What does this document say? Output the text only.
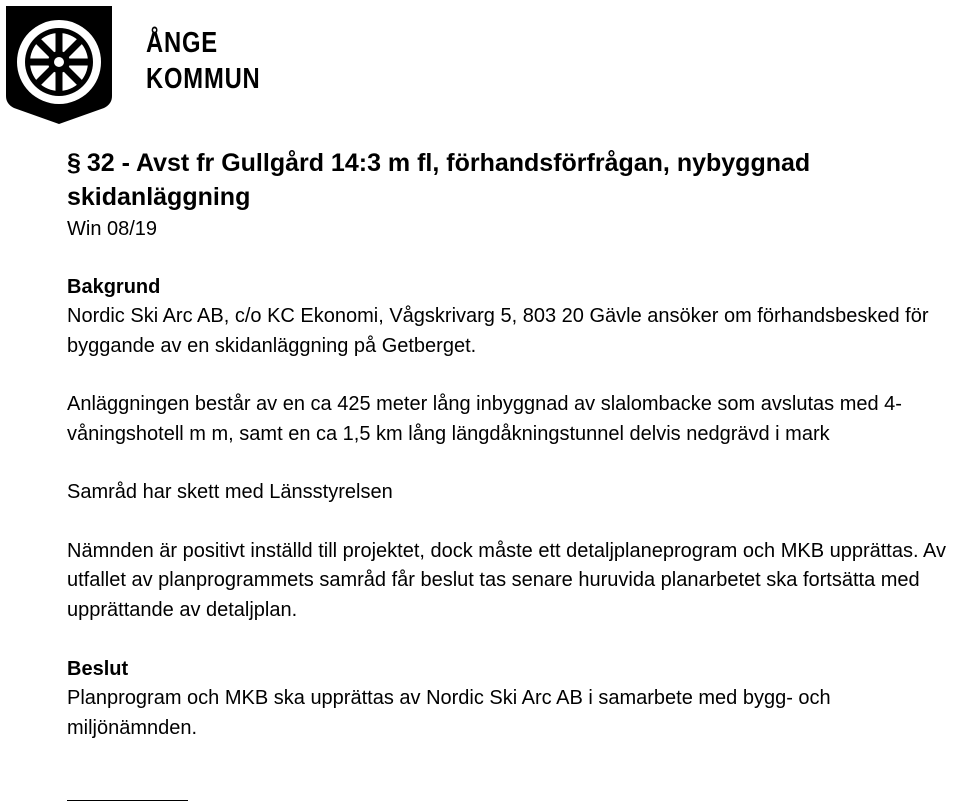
ÅNGE
KOMMUN
§ 32 - Avst fr Gullgård 14:3 m fl, förhandsförfrågan, nybyggnad skidanläggning
Win 08/19
Bakgrund

Nordic Ski Arc AB, c/o KC Ekonomi, Vågskrivarg 5, 803 20 Gävle ansöker om förhandsbesked för byggande av en skidanläggning på Getberget.

Anläggningen består av en ca 425 meter lång inbyggnad av slalombacke som avslutas med 4-våningshotell m m, samt en ca 1,5 km lång längdåkningstunnel delvis nedgrävd i mark

Samråd har skett med Länsstyrelsen

Nämnden är positivt inställd till projektet, dock måste ett detaljplaneprogram och MKB upprättas. Av utfallet av planprogrammets samråd får beslut tas senare huruvida planarbetet ska fortsätta med upprättande av detaljplan.

Beslut

Planprogram och MKB ska upprättas av Nordic Ski Arc AB i samarbete med bygg- och miljönämnden.
